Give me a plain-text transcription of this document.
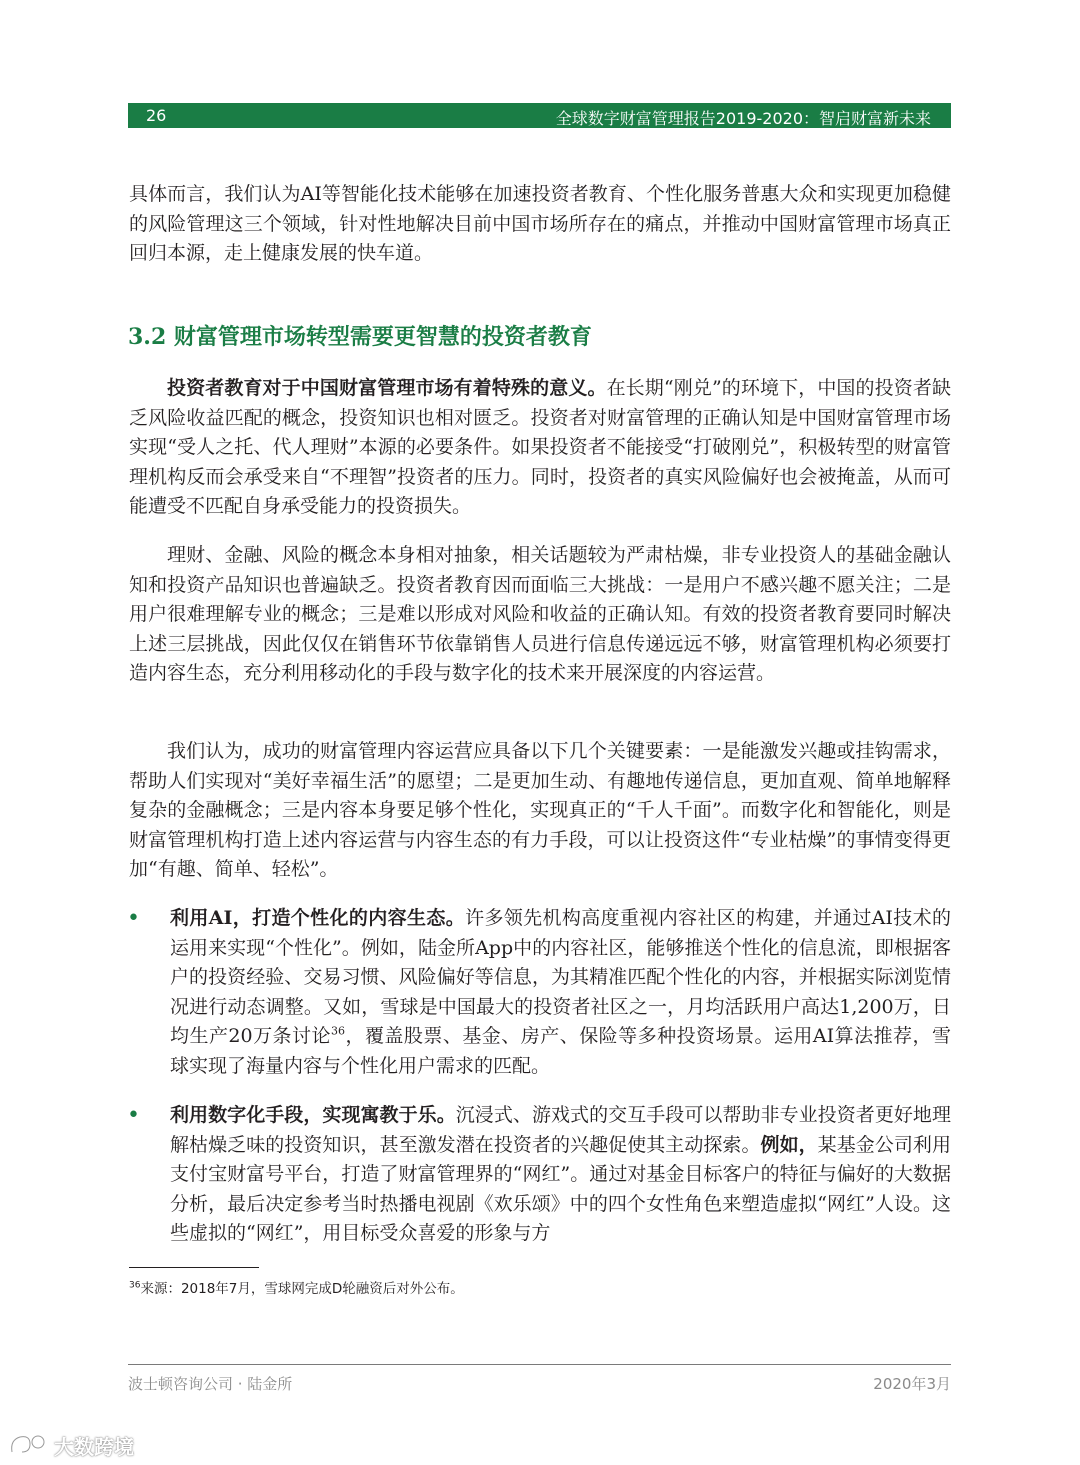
26	全球数字财富管理报告2019-2020：智启财富新未来
具体而言，我们认为AI等智能化技术能够在加速投资者教育、个性化服务普惠大众和实现更加稳健的风险管理这三个领域，针对性地解决目前中国市场所存在的痛点，并推动中国财富管理市场真正回归本源，走上健康发展的快车道。
3.2 财富管理市场转型需要更智慧的投资者教育
投资者教育对于中国财富管理市场有着特殊的意义。在长期“刚兑”的环境下，中国的投资者缺乏风险收益匹配的概念，投资知识也相对匮乏。投资者对财富管理的正确认知是中国财富管理市场实现“受人之托、代人理财”本源的必要条件。如果投资者不能接受“打破刚兑”，积极转型的财富管理机构反而会承受来自“不理智”投资者的压力。同时，投资者的真实风险偏好也会被掩盖，从而可能遭受不匹配自身承受能力的投资损失。
理财、金融、风险的概念本身相对抽象，相关话题较为严肃枯燥，非专业投资人的基础金融认知和投资产品知识也普遍缺乏。投资者教育因而面临三大挑战：一是用户不感兴趣不愿关注；二是用户很难理解专业的概念；三是难以形成对风险和收益的正确认知。有效的投资者教育要同时解决上述三层挑战，因此仅仅在销售环节依靠销售人员进行信息传递远远不够，财富管理机构必须要打造内容生态，充分利用移动化的手段与数字化的技术来开展深度的内容运营。
我们认为，成功的财富管理内容运营应具备以下几个关键要素：一是能激发兴趣或挂钩需求，帮助人们实现对“美好幸福生活”的愿望；二是更加生动、有趣地传递信息，更加直观、简单地解释复杂的金融概念；三是内容本身要足够个性化，实现真正的“千人千面”。而数字化和智能化，则是财富管理机构打造上述内容运营与内容生态的有力手段，可以让投资这件“专业枯燥”的事情变得更加“有趣、简单、轻松”。
• 利用AI，打造个性化的内容生态。许多领先机构高度重视内容社区的构建，并通过AI技术的运用来实现“个性化”。例如，陆金所App中的内容社区，能够推送个性化的信息流，即根据客户的投资经验、交易习惯、风险偏好等信息，为其精准匹配个性化的内容，并根据实际浏览情况进行动态调整。又如，雪球是中国最大的投资者社区之一，月均活跃用户高达1,200万，日均生产20万条讨论$^{36}$，覆盖股票、基金、房产、保险等多种投资场景。运用AI算法推荐，雪球实现了海量内容与个性化用户需求的匹配。
• 利用数字化手段，实现寓教于乐。沉浸式、游戏式的交互手段可以帮助非专业投资者更好地理解枯燥乏味的投资知识，甚至激发潜在投资者的兴趣促使其主动探索。例如，某基金公司利用支付宝财富号平台，打造了财富管理界的“网红”。通过对基金目标客户的特征与偏好的大数据分析，最后决定参考当时热播电视剧《欢乐颂》中的四个女性角色来塑造虚拟“网红”人设。这些虚拟的“网红”，用目标受众喜爱的形象与方
$^{36}$来源：2018年7月，雪球网完成D轮融资后对外公布。
波士顿咨询公司 · 陆金所	2020年3月
大数跨境
